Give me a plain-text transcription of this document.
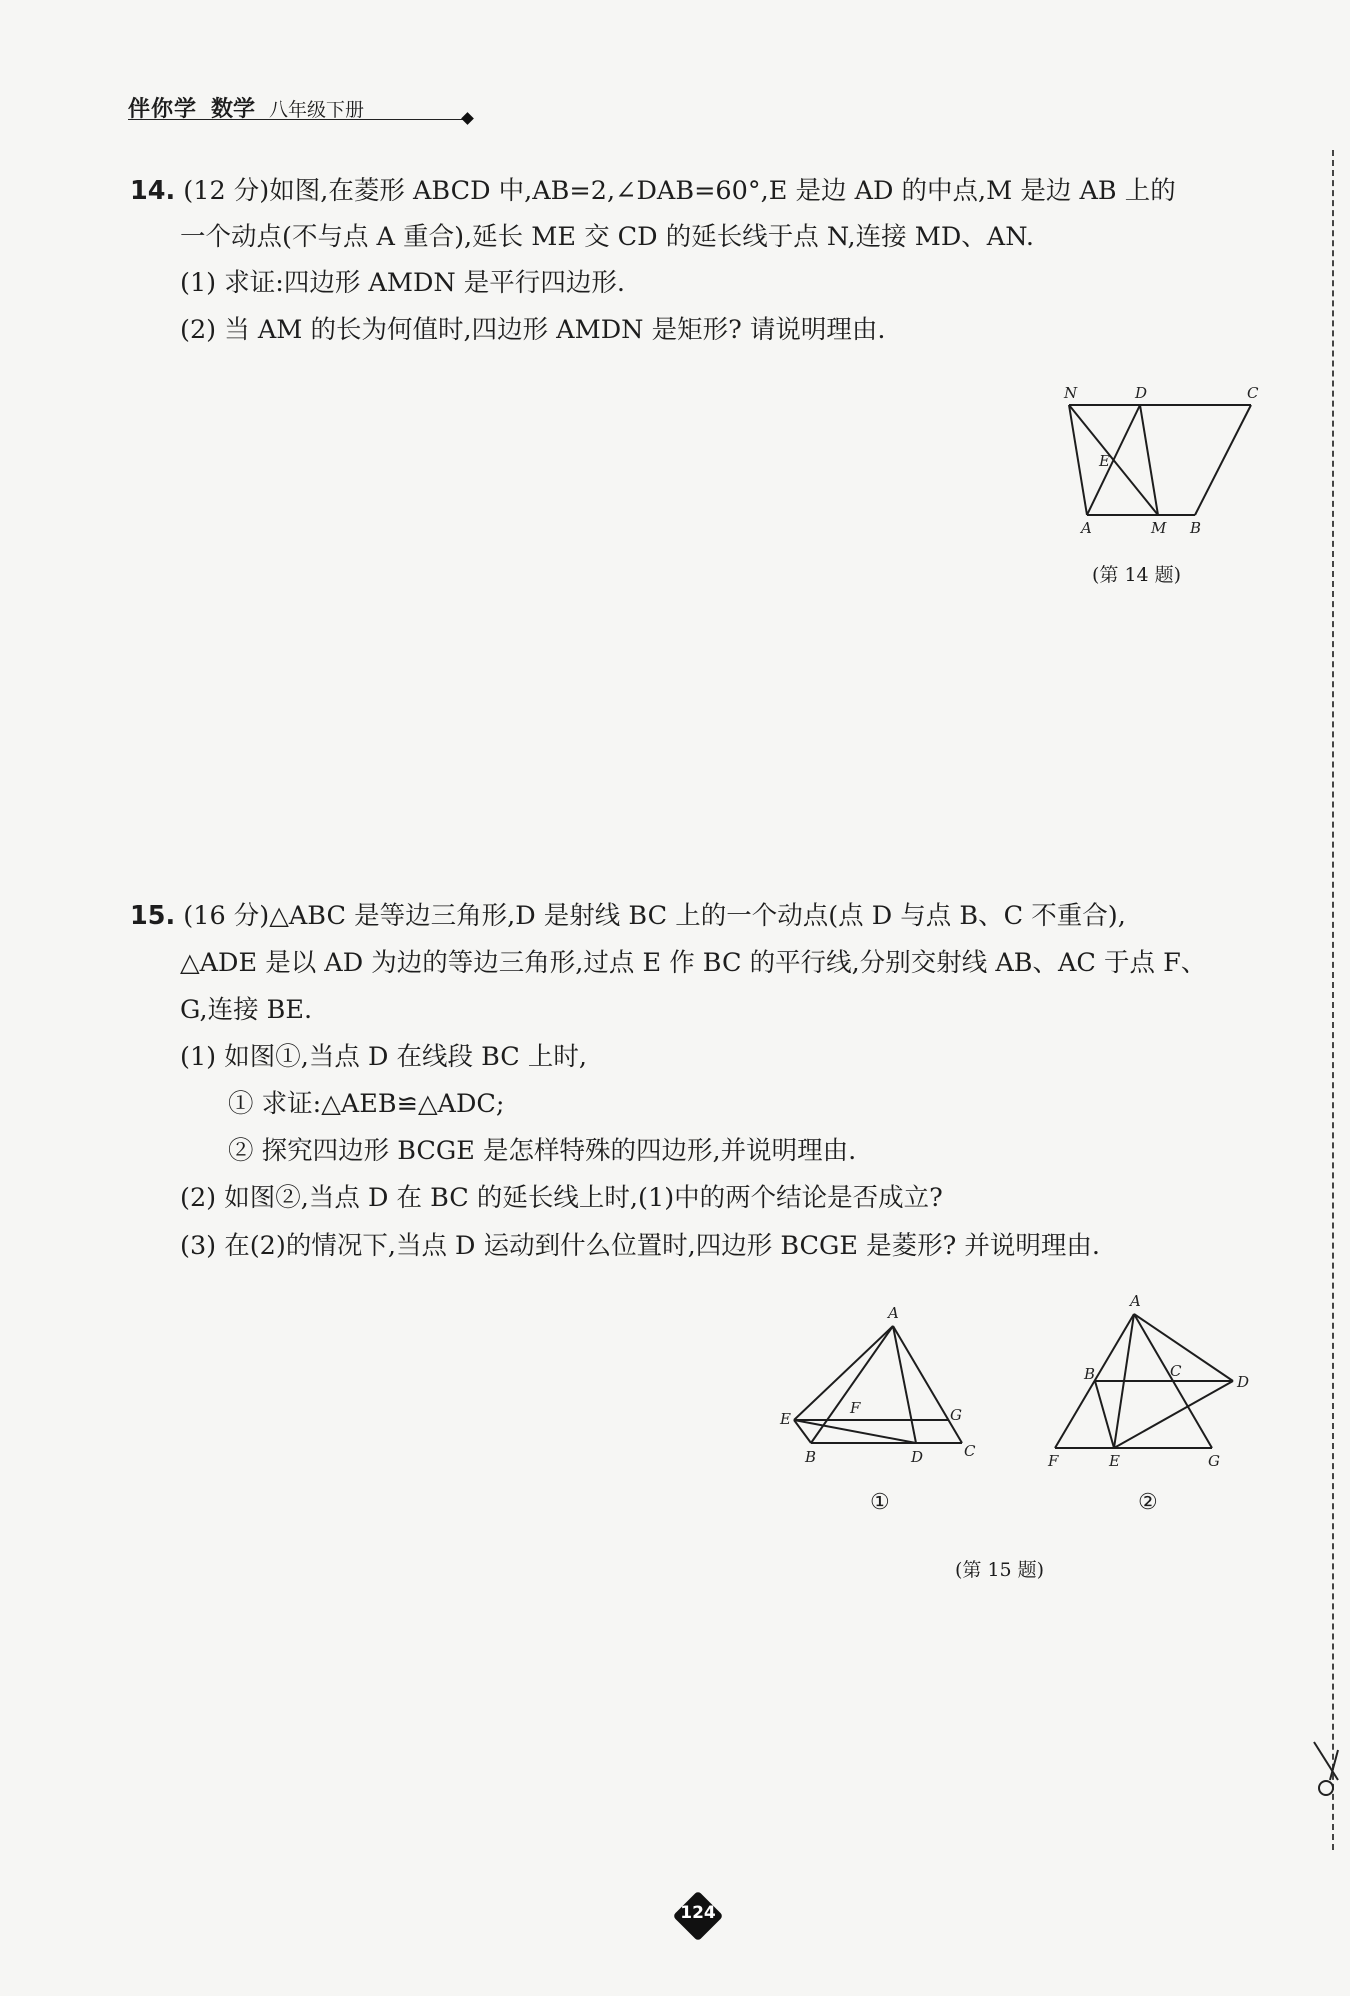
伴你学 数学 八年级下册
14. (12 分)如图,在菱形 ABCD 中,AB=2,∠DAB=60°,E 是边 AD 的中点,M 是边 AB 上的
一个动点(不与点 A 重合),延长 ME 交 CD 的延长线于点 N,连接 MD、AN.
(1) 求证:四边形 AMDN 是平行四边形.
(2) 当 AM 的长为何值时,四边形 AMDN 是矩形? 请说明理由.
N	D	C
E
A	M B
(第 14 题)
15. (16 分)△ABC 是等边三角形,D 是射线 BC 上的一个动点(点 D 与点 B、C 不重合),
△ADE 是以 AD 为边的等边三角形,过点 E 作 BC 的平行线,分别交射线 AB、AC 于点 F、
G,连接 BE.
(1) 如图①,当点 D 在线段 BC 上时,
① 求证:△AEB≌△ADC;
② 探究四边形 BCGE 是怎样特殊的四边形,并说明理由.
(2) 如图②,当点 D 在 BC 的延长线上时,(1)中的两个结论是否成立?
(3) 在(2)的情况下,当点 D 运动到什么位置时,四边形 BCGE 是菱形? 并说明理由.
A
E
F	G
B	D	C
①
A
B	C
D
F	E	G
②
(第 15 题)
124
